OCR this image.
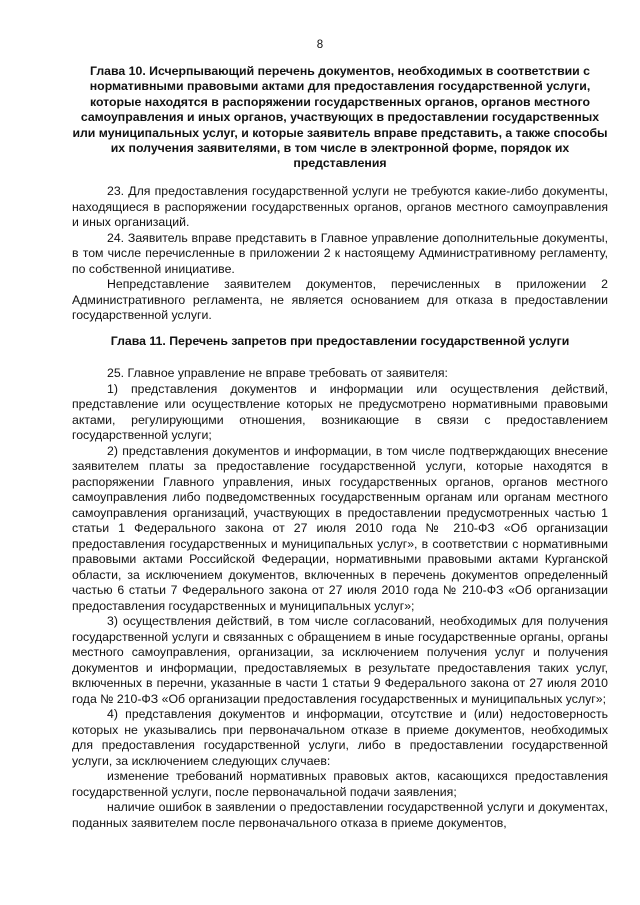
8
Глава 10. Исчерпывающий перечень документов, необходимых в соответствии с нормативными правовыми актами для предоставления государственной услуги, которые находятся в распоряжении государственных органов, органов местного самоуправления и иных органов, участвующих в предоставлении государственных или муниципальных услуг, и которые заявитель вправе представить, а также способы их получения заявителями, в том числе в электронной форме, порядок их представления

23. Для предоставления государственной услуги не требуются какие-либо документы, находящиеся в распоряжении государственных органов, органов местного самоуправления и иных организаций.

24. Заявитель вправе представить в Главное управление дополнительные документы, в том числе перечисленные в приложении 2 к настоящему Административному регламенту, по собственной инициативе.

Непредставление заявителем документов, перечисленных в приложении 2 Административного регламента, не является основанием для отказа в предоставлении государственной услуги.

Глава 11. Перечень запретов при предоставлении государственной услуги

25. Главное управление не вправе требовать от заявителя:

1) представления документов и информации или осуществления действий, представление или осуществление которых не предусмотрено нормативными правовыми актами, регулирующими отношения, возникающие в связи с предоставлением государственной услуги;

2) представления документов и информации, в том числе подтверждающих внесение заявителем платы за предоставление государственной услуги, которые находятся в распоряжении Главного управления, иных государственных органов, органов местного самоуправления либо подведомственных государственным органам или органам местного самоуправления организаций, участвующих в предоставлении предусмотренных частью 1 статьи 1 Федерального закона от 27 июля 2010 года № 210-ФЗ «Об организации предоставления государственных и муниципальных услуг», в соответствии с нормативными правовыми актами Российской Федерации, нормативными правовыми актами Курганской области, за исключением документов, включенных в перечень документов определенный частью 6 статьи 7 Федерального закона от 27 июля 2010 года № 210-ФЗ «Об организации предоставления государственных и муниципальных услуг»;

3) осуществления действий, в том числе согласований, необходимых для получения государственной услуги и связанных с обращением в иные государственные органы, органы местного самоуправления, организации, за исключением получения услуг и получения документов и информации, предоставляемых в результате предоставления таких услуг, включенных в перечни, указанные в части 1 статьи 9 Федерального закона от 27 июля 2010 года № 210-ФЗ «Об организации предоставления государственных и муниципальных услуг»;

4) представления документов и информации, отсутствие и (или) недостоверность которых не указывались при первоначальном отказе в приеме документов, необходимых для предоставления государственной услуги, либо в предоставлении государственной услуги, за исключением следующих случаев:

изменение требований нормативных правовых актов, касающихся предоставления государственной услуги, после первоначальной подачи заявления;

наличие ошибок в заявлении о предоставлении государственной услуги и документах, поданных заявителем после первоначального отказа в приеме документов,
